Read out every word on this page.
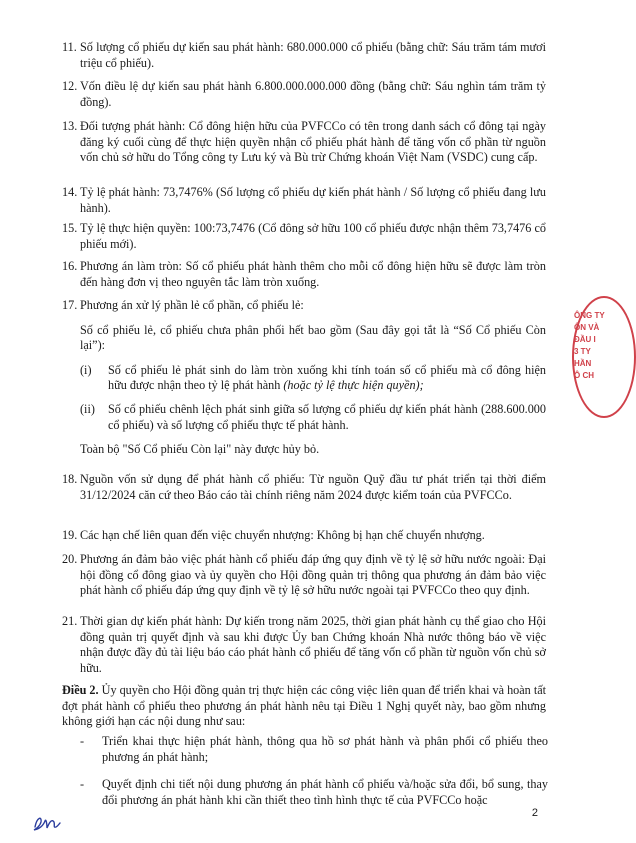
11. Số lượng cổ phiếu dự kiến sau phát hành: 680.000.000 cổ phiếu (bằng chữ: Sáu trăm tám mươi triệu cổ phiếu).

12. Vốn điều lệ dự kiến sau phát hành 6.800.000.000.000 đồng (bằng chữ: Sáu nghìn tám trăm tỷ đồng).

13. Đối tượng phát hành: Cổ đông hiện hữu của PVFCCo có tên trong danh sách cổ đông tại ngày đăng ký cuối cùng để thực hiện quyền nhận cổ phiếu phát hành để tăng vốn cổ phần từ nguồn vốn chủ sở hữu do Tổng công ty Lưu ký và Bù trừ Chứng khoán Việt Nam (VSDC) cung cấp.

14. Tỷ lệ phát hành: 73,7476% (Số lượng cổ phiếu dự kiến phát hành / Số lượng cổ phiếu đang lưu hành).

15. Tỷ lệ thực hiện quyền: 100:73,7476 (Cổ đông sở hữu 100 cổ phiếu được nhận thêm 73,7476 cổ phiếu mới).

16. Phương án làm tròn: Số cổ phiếu phát hành thêm cho mỗi cổ đông hiện hữu sẽ được làm tròn đến hàng đơn vị theo nguyên tắc làm tròn xuống.

17. Phương án xử lý phần lẻ cổ phần, cổ phiếu lẻ:

Số cổ phiếu lẻ, cổ phiếu chưa phân phối hết bao gồm (Sau đây gọi tắt là “Số Cổ phiếu Còn lại”):

(i) Số cổ phiếu lẻ phát sinh do làm tròn xuống khi tính toán số cổ phiếu mà cổ đông hiện hữu được nhận theo tỷ lệ phát hành (hoặc tỷ lệ thực hiện quyền);
(ii) Số cổ phiếu chênh lệch phát sinh giữa số lượng cổ phiếu dự kiến phát hành (288.600.000 cổ phiếu) và số lượng cổ phiếu thực tế phát hành.

Toàn bộ "Số Cổ phiếu Còn lại" này được hủy bỏ.

18. Nguồn vốn sử dụng để phát hành cổ phiếu: Từ nguồn Quỹ đầu tư phát triển tại thời điểm 31/12/2024 căn cứ theo Báo cáo tài chính riêng năm 2024 được kiểm toán của PVFCCo.

19. Các hạn chế liên quan đến việc chuyển nhượng: Không bị hạn chế chuyển nhượng.

20. Phương án đảm bảo việc phát hành cổ phiếu đáp ứng quy định về tỷ lệ sở hữu nước ngoài: Đại hội đồng cổ đông giao và ủy quyền cho Hội đồng quản trị thông qua phương án đảm bảo việc phát hành cổ phiếu đáp ứng quy định về tỷ lệ sở hữu nước ngoài tại PVFCCo theo quy định.

21. Thời gian dự kiến phát hành: Dự kiến trong năm 2025, thời gian phát hành cụ thể giao cho Hội đồng quản trị quyết định và sau khi được Ủy ban Chứng khoán Nhà nước thông báo về việc nhận được đầy đủ tài liệu báo cáo phát hành cổ phiếu để tăng vốn cổ phần từ nguồn vốn chủ sở hữu.

Điều 2. Ủy quyền cho Hội đồng quản trị thực hiện các công việc liên quan để triển khai và hoàn tất đợt phát hành cổ phiếu theo phương án phát hành nêu tại Điều 1 Nghị quyết này, bao gồm nhưng không giới hạn các nội dung như sau:
- Triển khai thực hiện phát hành, thông qua hồ sơ phát hành và phân phối cổ phiếu theo phương án phát hành;
- Quyết định chi tiết nội dung phương án phát hành cổ phiếu và/hoặc sửa đổi, bổ sung, thay đổi phương án phát hành khi cần thiết theo tình hình thực tế của PVFCCo hoặc
ÔNG TY
ÔN VÀ
ĐẦU I
3 TY
HẦN
Ô CH
2
